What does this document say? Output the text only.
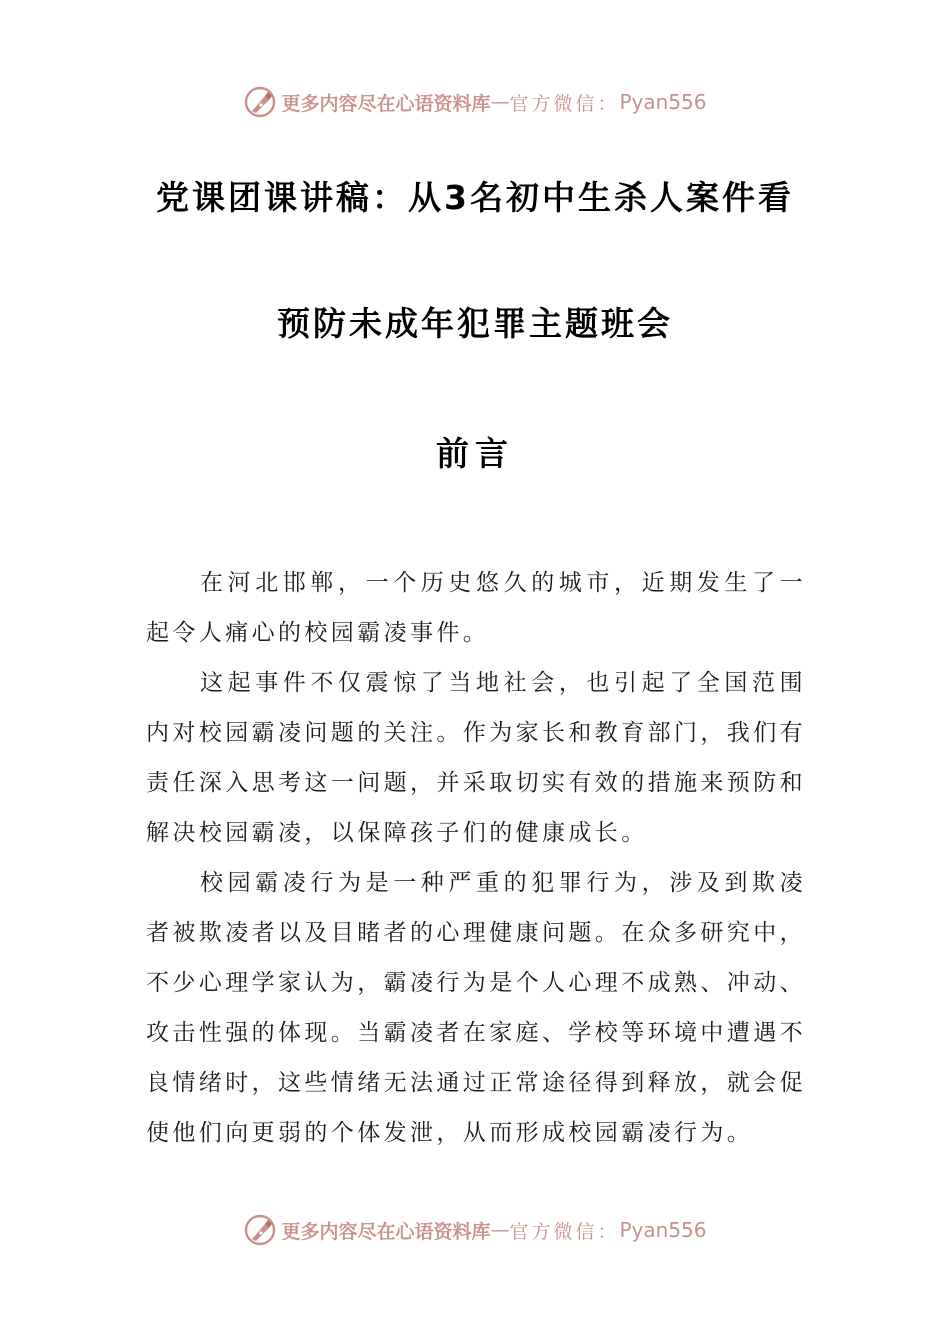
更多内容尽在心语资料库 — 官方微信： Pyan556
党课团课讲稿：从3名初中生杀人案件看
预防未成年犯罪主题班会
前言

在河北邯郸，一个历史悠久的城市，近期发生了一起令人痛心的校园霸凌事件。

这起事件不仅震惊了当地社会，也引起了全国范围内对校园霸凌问题的关注。作为家长和教育部门，我们有责任深入思考这一问题，并采取切实有效的措施来预防和解决校园霸凌，以保障孩子们的健康成长。

校园霸凌行为是一种严重的犯罪行为，涉及到欺凌者被欺凌者以及目睹者的心理健康问题。在众多研究中，不少心理学家认为，霸凌行为是个人心理不成熟、冲动、攻击性强的体现。当霸凌者在家庭、学校等环境中遭遇不良情绪时，这些情绪无法通过正常途径得到释放，就会促使他们向更弱的个体发泄，从而形成校园霸凌行为。

更多内容尽在心语资料库 — 官方微信： Pyan556
